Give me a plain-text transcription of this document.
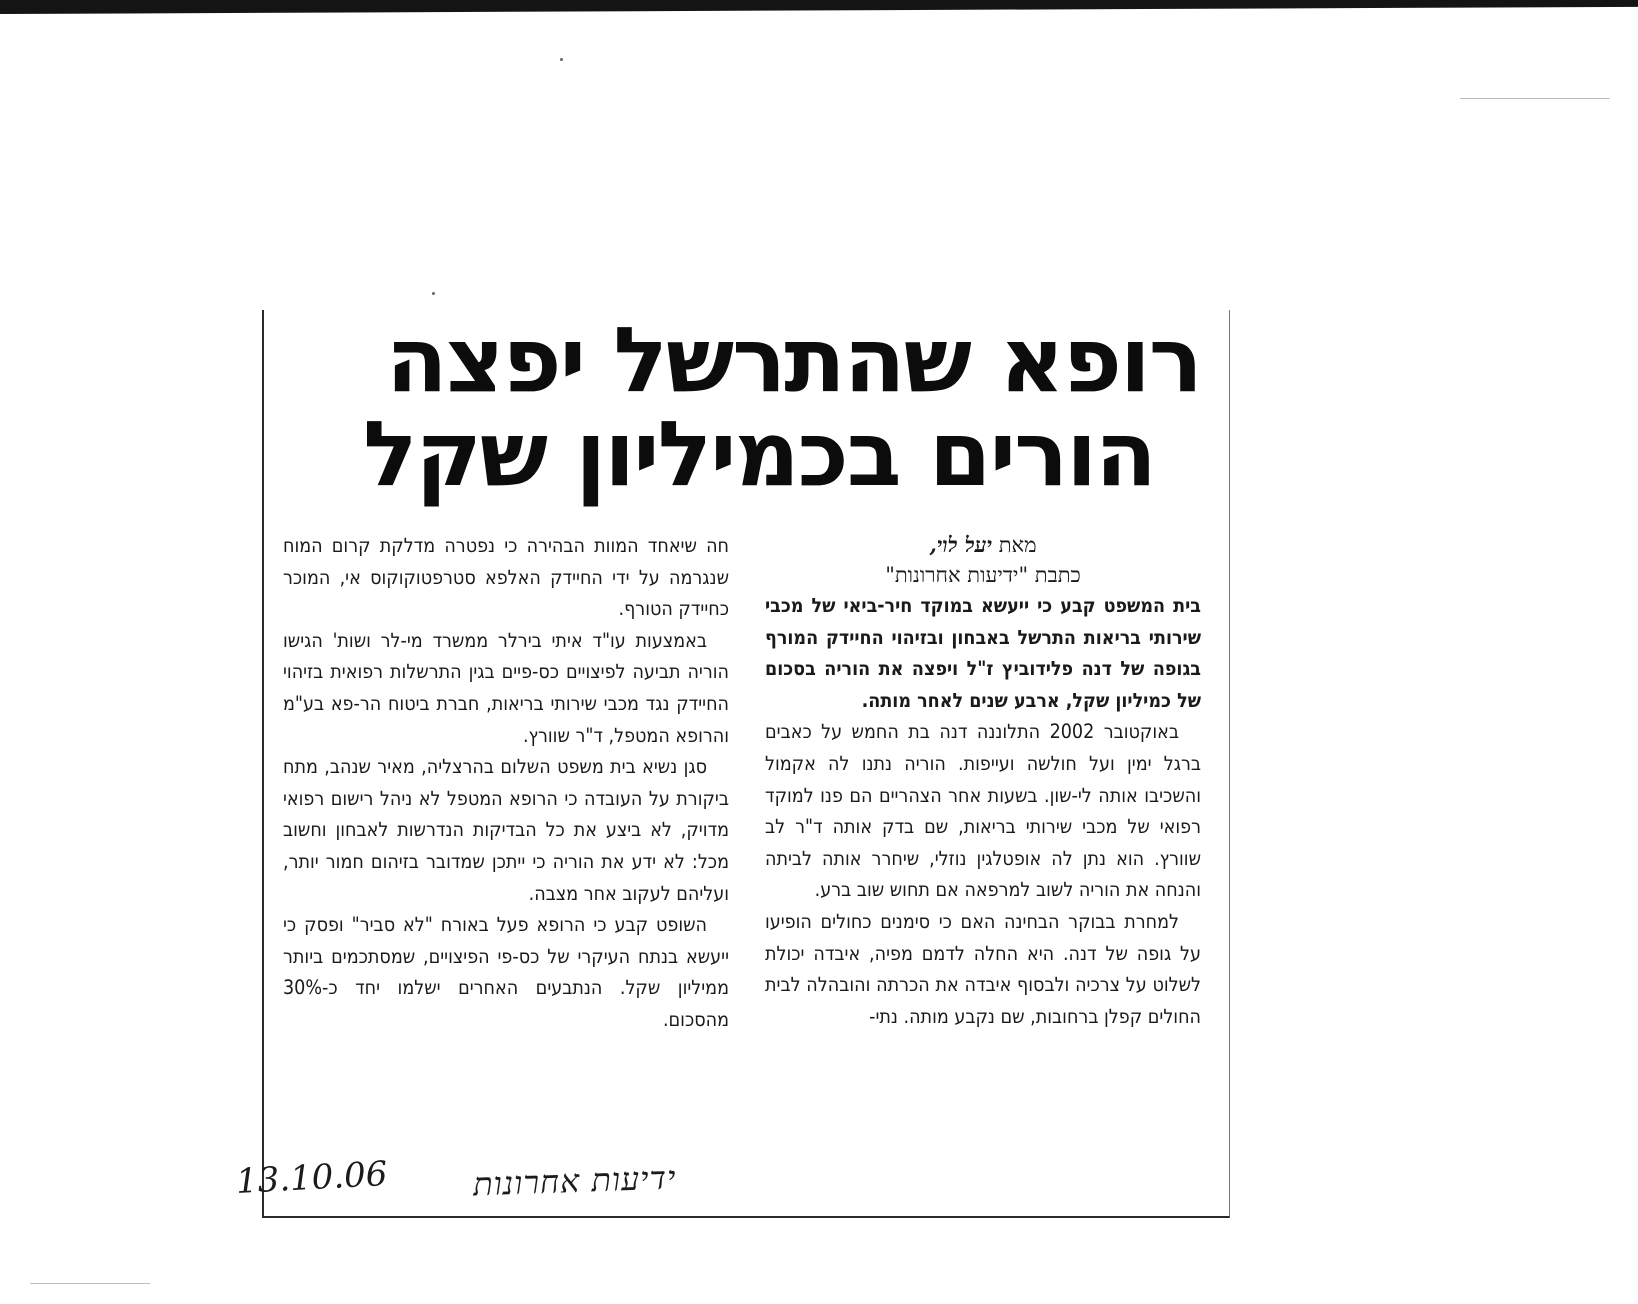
רופא שהתרשל יפצה
הורים בכמיליון שקל

מאת יעל לוי,

כתבת "ידיעות אחרונות"

בית המשפט קבע כי ייעשא במוקד חיר-ביאי של מכבי שירותי בריאות התרשל באבחון ובזיהוי החיידק המורף בגופה של דנה פלידוביץ ז"ל ויפצה את הוריה בסכום של כמיליון שקל, ארבע שנים לאחר מותה.

באוקטובר 2002 התלוננה דנה בת החמש על כאבים ברגל ימין ועל חולשה ועייפות. הוריה נתנו לה אקמול והשכיבו אותה לי-שון. בשעות אחר הצהריים הם פנו למוקד רפואי של מכבי שירותי בריאות, שם בדק אותה ד"ר לב שוורץ. הוא נתן לה אופטלגין נוזלי, שיחרר אותה לביתה והנחה את הוריה לשוב למרפאה אם תחוש שוב ברע.

למחרת בבוקר הבחינה האם כי סימנים כחולים הופיעו על גופה של דנה. היא החלה לדמם מפיה, איבדה יכולת לשלוט על צרכיה ולבסוף איבדה את הכרתה והובהלה לבית החולים קפלן ברחובות, שם נקבע מותה. נתי-

חה שיאחד המוות הבהירה כי נפטרה מדלקת קרום המוח שנגרמה על ידי החיידק האלפא סטרפטוקוקוס אי, המוכר כחיידק הטורף.

באמצעות עו"ד איתי בירלר ממשרד מי-לר ושות' הגישו הוריה תביעה לפיצויים כס-פיים בגין התרשלות רפואית בזיהוי החיידק נגד מכבי שירותי בריאות, חברת ביטוח הר-פא בע"מ והרופא המטפל, ד"ר שוורץ.

סגן נשיא בית משפט השלום בהרצליה, מאיר שנהב, מתח ביקורת על העובדה כי הרופא המטפל לא ניהל רישום רפואי מדויק, לא ביצע את כל הבדיקות הנדרשות לאבחון וחשוב מכל: לא ידע את הוריה כי ייתכן שמדובר בזיהום חמור יותר, ועליהם לעקוב אחר מצבה.

השופט קבע כי הרופא פעל באורח "לא סביר" ופסק כי ייעשא בנתח העיקרי של כס-פי הפיצויים, שמסתכמים ביותר ממיליון שקל. הנתבעים האחרים ישלמו יחד כ-30% מהסכום.

ידיעות אחרונות
13.10.06
